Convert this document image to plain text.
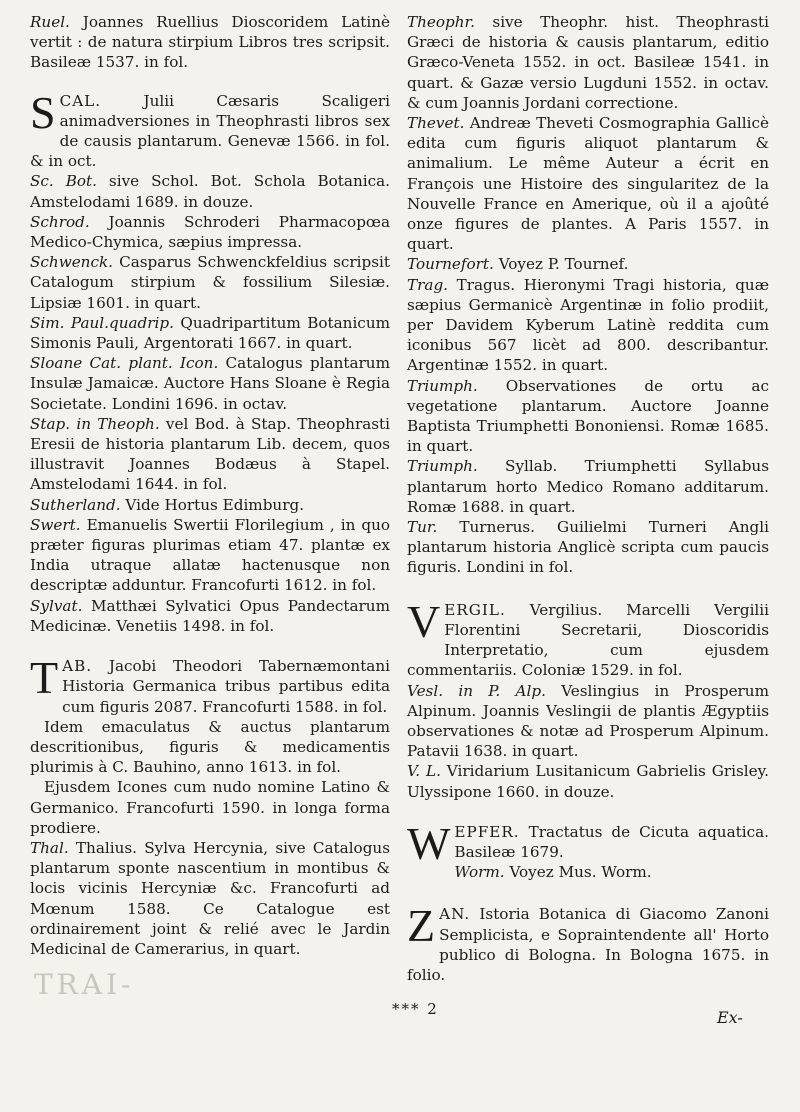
TRAI-

Ruel. Joannes Ruellius Dioscoridem Latinè vertit : de natura stirpium Libros tres scripsit. Basileæ 1537. in fol.

S CAL. Julii Cæsaris Scaligeri animadversiones in Theophrasti libros sex de causis plantarum. Genevæ 1566. in fol. & in oct.

Sc. Bot. sive Schol. Bot. Schola Botanica. Amstelodami 1689. in douze.

Schrod. Joannis Schroderi Pharmacopœa Medico-Chymica, sæpius impressa.

Schwenck. Casparus Schwenckfeldius scripsit Catalogum stirpium & fossilium Silesiæ. Lipsiæ 1601. in quart.

Sim. Paul.quadrip. Quadripartitum Botanicum Simonis Pauli, Argentorati 1667. in quart.

Sloane Cat. plant. Icon. Catalogus plantarum Insulæ Jamaicæ. Auctore Hans Sloane è Regia Societate. Londini 1696. in octav.

Stap. in Theoph. vel Bod. à Stap. Theophrasti Eresii de historia plantarum Lib. decem, quos illustravit Joannes Bodæus à Stapel. Amstelodami 1644. in fol.

Sutherland. Vide Hortus Edimburg.

Swert. Emanuelis Swertii Florilegium , in quo præter figuras plurimas etiam 47. plantæ ex India utraque allatæ hactenusque non descriptæ adduntur. Francofurti 1612. in fol.

Sylvat. Matthæi Sylvatici Opus Pandectarum Medicinæ. Venetiis 1498. in fol.

T AB. Jacobi Theodori Tabernæmontani Historia Germanica tribus partibus edita cum figuris 2087. Francofurti 1588. in fol.

Idem emaculatus & auctus plantarum descritionibus, figuris & medicamentis plurimis à C. Bauhino, anno 1613. in fol.

Ejusdem Icones cum nudo nomine Latino & Germanico. Francofurti 1590. in longa forma prodiere.

Thal. Thalius. Sylva Hercynia, sive Catalogus plantarum sponte nascentium in montibus & locis vicinis Hercyniæ &c. Francofurti ad Mœnum 1588. Ce Catalogue est ordinairement joint & relié avec le Jardin Medicinal de Camerarius, in quart.

Theophr. sive Theophr. hist. Theophrasti Græci de historia & causis plantarum, editio Græco-Veneta 1552. in oct. Basileæ 1541. in quart. & Gazæ versio Lugduni 1552. in octav. & cum Joannis Jordani correctione.

Thevet. Andreæ Theveti Cosmographia Gallicè edita cum figuris aliquot plantarum & animalium. Le même Auteur a écrit en François une Histoire des singularitez de la Nouvelle France en Amerique, où il a ajoûté onze figures de plantes. A Paris 1557. in quart.

Tournefort. Voyez P. Tournef.

Trag. Tragus. Hieronymi Tragi historia, quæ sæpius Germanicè Argentinæ in folio prodiit, per Davidem Kyberum Latinè reddita cum iconibus 567 licèt ad 800. describantur. Argentinæ 1552. in quart.

Triumph. Observationes de ortu ac vegetatione plantarum. Auctore Joanne Baptista Triumphetti Bononiensi. Romæ 1685. in quart.

Triumph. Syllab. Triumphetti Syllabus plantarum horto Medico Romano additarum. Romæ 1688. in quart.

Tur. Turnerus. Guilielmi Turneri Angli plantarum historia Anglicè scripta cum paucis figuris. Londini in fol.

V ERGIL. Vergilius. Marcelli Vergilii Florentini Secretarii, Dioscoridis Interpretatio, cum ejusdem commentariis. Coloniæ 1529. in fol.

Vesl. in P. Alp. Veslingius in Prosperum Alpinum. Joannis Veslingii de plantis Ægyptiis observationes & notæ ad Prosperum Alpinum. Patavii 1638. in quart.

V. L. Viridarium Lusitanicum Gabrielis Grisley. Ulyssipone 1660. in douze.

W EPFER. Tractatus de Cicuta aquatica. Basileæ 1679.

Worm. Voyez Mus. Worm.

Z AN. Istoria Botanica di Giacomo Zanoni Semplicista, e Sopraintendente all' Horto publico di Bologna. In Bologna 1675. in folio.

*** 2	Ex-
